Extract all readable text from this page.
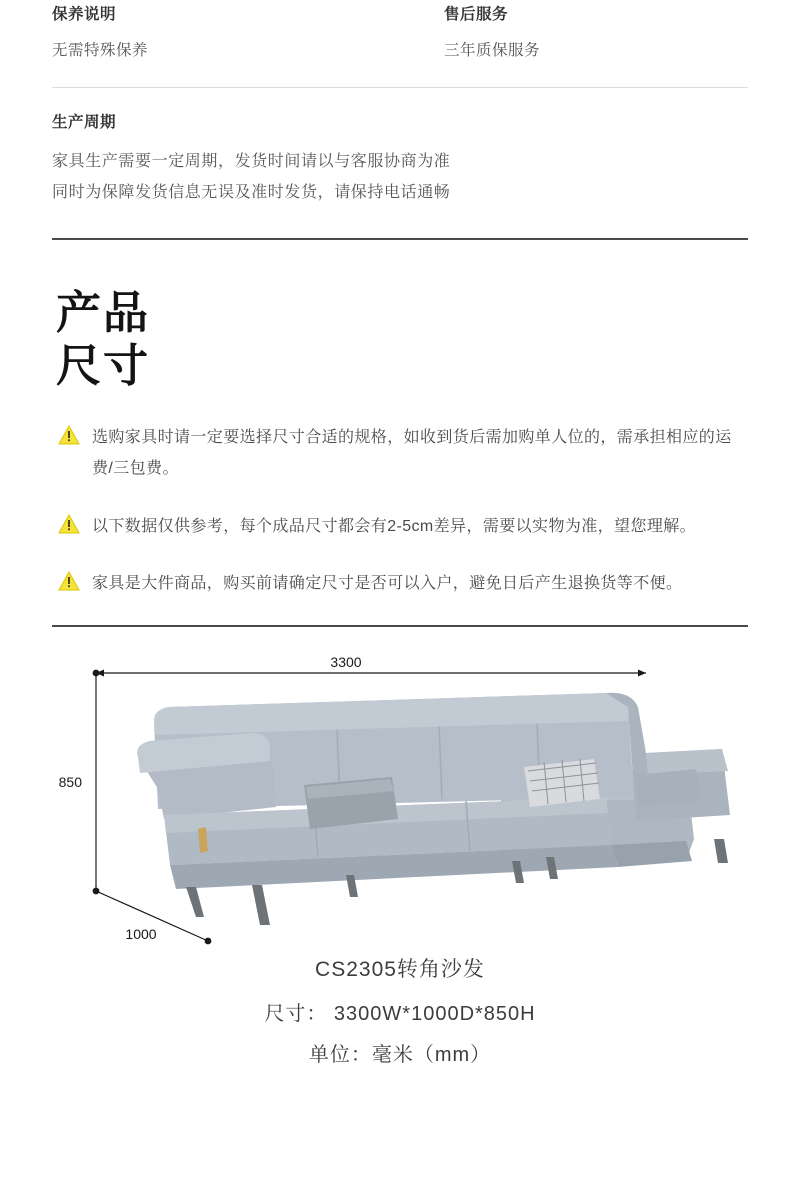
保养说明

无需特殊保养

售后服务

三年质保服务

生产周期

家具生产需要一定周期，发货时间请以与客服协商为准

同时为保障发货信息无误及准时发货，请保持电话通畅

产品
尺寸
选购家具时请一定要选择尺寸合适的规格，如收到货后需加购单人位的，需承担相应的运费/三包费。
以下数据仅供参考，每个成品尺寸都会有2-5cm差异，需要以实物为准，望您理解。
家具是大件商品，购买前请确定尺寸是否可以入户，避免日后产生退换货等不便。
3300
850
1000
CS2305转角沙发
尺寸： 3300W*1000D*850H
单位：毫米（mm）
